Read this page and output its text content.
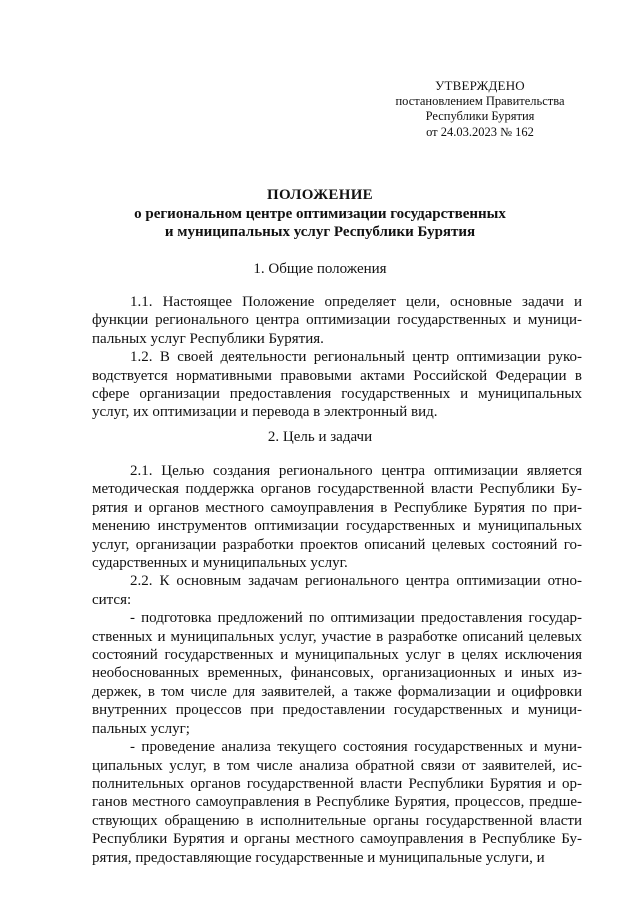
УТВЕРЖДЕНО
постановлением Правительства
Республики Бурятия
от 24.03.2023 № 162
ПОЛОЖЕНИЕ
о региональном центре оптимизации государственных
и муниципальных услуг Республики Бурятия
1. Общие положения

1.1. Настоящее Положение определяет цели, основные задачи и функции регионального центра оптимизации государственных и муници-пальных услуг Республики Бурятия.

1.2. В своей деятельности региональный центр оптимизации руко-водствуется нормативными правовыми актами Российской Федерации в сфере организации предоставления государственных и муниципальных услуг, их оптимизации и перевода в электронный вид.

2. Цель и задачи

2.1. Целью создания регионального центра оптимизации является методическая поддержка органов государственной власти Республики Бу-рятия и органов местного самоуправления в Республике Бурятия по при-менению инструментов оптимизации государственных и муниципальных услуг, организации разработки проектов описаний целевых состояний го-сударственных и муниципальных услуг.

2.2. К основным задачам регионального центра оптимизации отно-сится:

- подготовка предложений по оптимизации предоставления государ-ственных и муниципальных услуг, участие в разработке описаний целевых состояний государственных и муниципальных услуг в целях исключения необоснованных временных, финансовых, организационных и иных из-держек, в том числе для заявителей, а также формализации и оцифровки внутренних процессов при предоставлении государственных и муници-пальных услуг;

- проведение анализа текущего состояния государственных и муни-ципальных услуг, в том числе анализа обратной связи от заявителей, ис-полнительных органов государственной власти Республики Бурятия и ор-ганов местного самоуправления в Республике Бурятия, процессов, предше-ствующих обращению в исполнительные органы государственной власти Республики Бурятия и органы местного самоуправления в Республике Бу-рятия, предоставляющие государственные и муниципальные услуги, и
